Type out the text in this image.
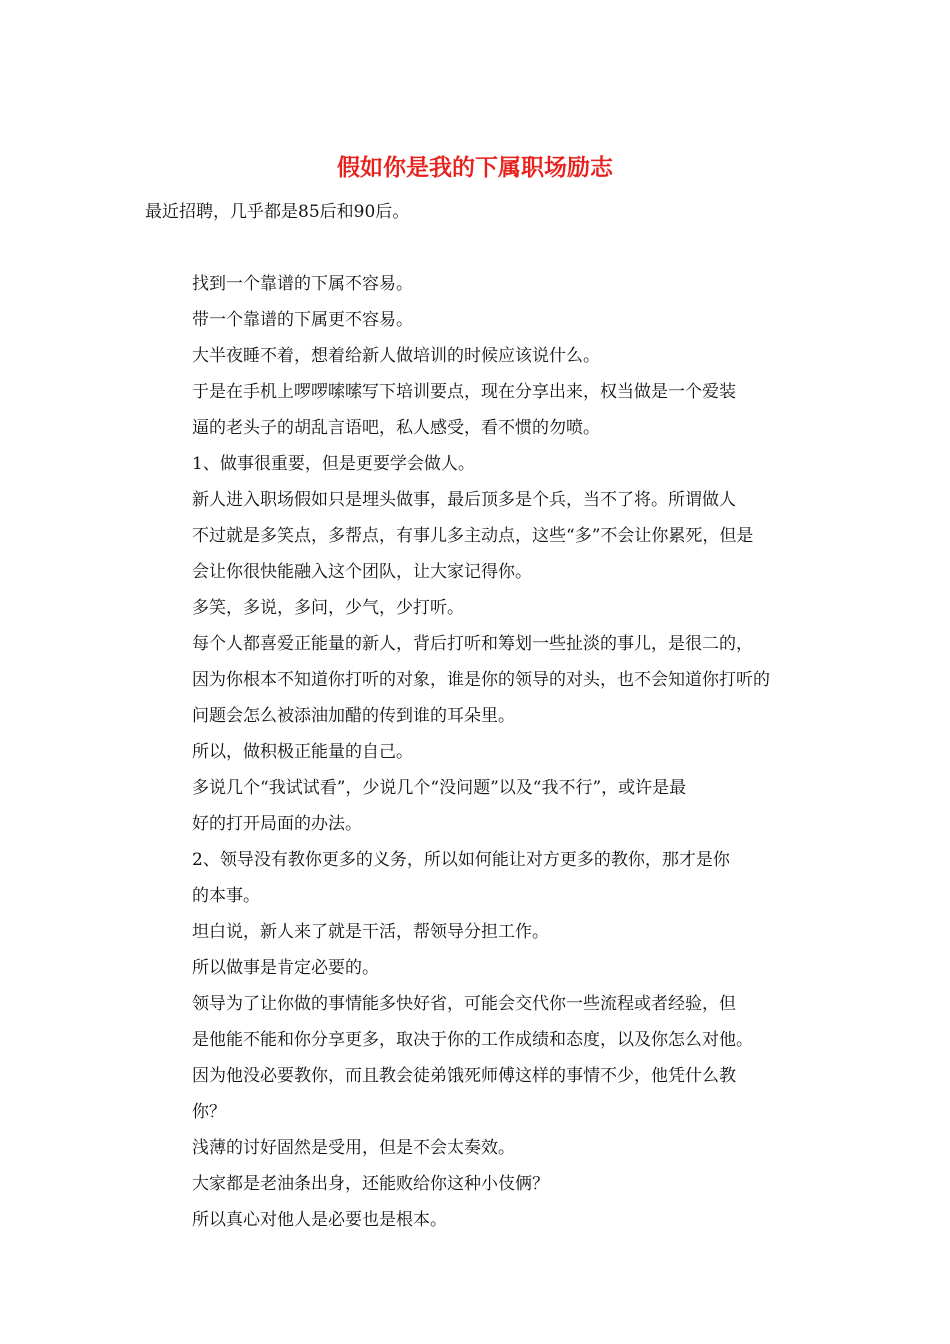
假如你是我的下属职场励志

最近招聘，几乎都是85后和90后。

找到一个靠谱的下属不容易。

带一个靠谱的下属更不容易。

大半夜睡不着，想着给新人做培训的时候应该说什么。

于是在手机上啰啰嗦嗦写下培训要点，现在分享出来，权当做是一个爱装
逼的老头子的胡乱言语吧，私人感受，看不惯的勿喷。

1、做事很重要，但是更要学会做人。

新人进入职场假如只是埋头做事，最后顶多是个兵，当不了将。所谓做人
不过就是多笑点，多帮点，有事儿多主动点，这些“多”不会让你累死，但是
会让你很快能融入这个团队，让大家记得你。

多笑，多说，多问，少气，少打听。

每个人都喜爱正能量的新人，背后打听和筹划一些扯淡的事儿，是很二的，
因为你根本不知道你打听的对象，谁是你的领导的对头，也不会知道你打听的
问题会怎么被添油加醋的传到谁的耳朵里。

所以，做积极正能量的自己。

多说几个“我试试看”，少说几个“没问题”以及“我不行”，或许是最
好的打开局面的办法。

2、领导没有教你更多的义务，所以如何能让对方更多的教你，那才是你
的本事。

坦白说，新人来了就是干活，帮领导分担工作。

所以做事是肯定必要的。

领导为了让你做的事情能多快好省，可能会交代你一些流程或者经验，但
是他能不能和你分享更多，取决于你的工作成绩和态度，以及你怎么对他。

因为他没必要教你，而且教会徒弟饿死师傅这样的事情不少，他凭什么教
你？

浅薄的讨好固然是受用，但是不会太奏效。

大家都是老油条出身，还能败给你这种小伎俩？

所以真心对他人是必要也是根本。
